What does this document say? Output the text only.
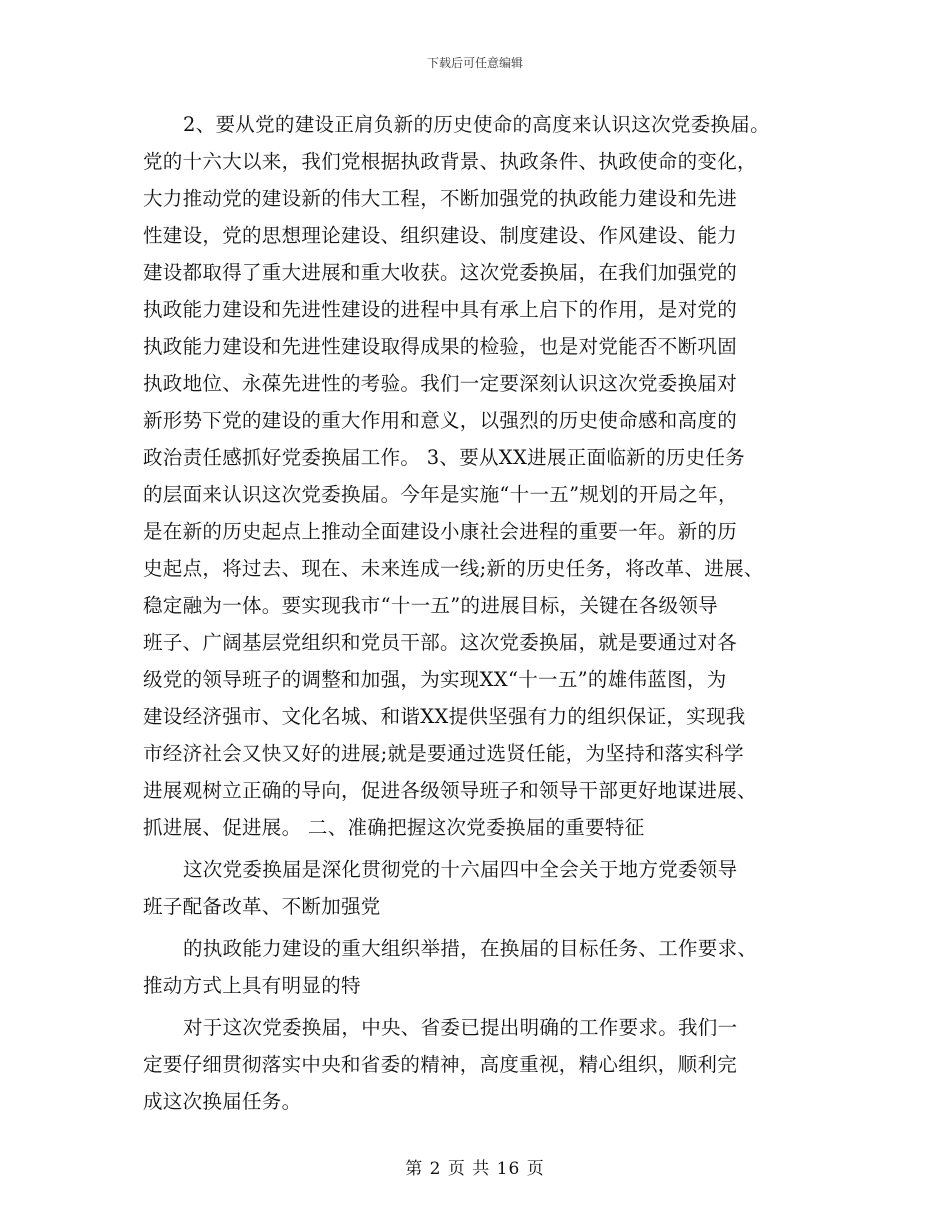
下载后可任意编辑
2、要从党的建设正肩负新的历史使命的高度来认识这次党委换届。
党的十六大以来，我们党根据执政背景、执政条件、执政使命的变化，
大力推动党的建设新的伟大工程，不断加强党的执政能力建设和先进
性建设，党的思想理论建设、组织建设、制度建设、作风建设、能力
建设都取得了重大进展和重大收获。这次党委换届，在我们加强党的
执政能力建设和先进性建设的进程中具有承上启下的作用，是对党的
执政能力建设和先进性建设取得成果的检验，也是对党能否不断巩固
执政地位、永葆先进性的考验。我们一定要深刻认识这次党委换届对
新形势下党的建设的重大作用和意义，以强烈的历史使命感和高度的
政治责任感抓好党委换届工作。 3、要从XX进展正面临新的历史任务
的层面来认识这次党委换届。今年是实施“十一五”规划的开局之年，
是在新的历史起点上推动全面建设小康社会进程的重要一年。新的历
史起点，将过去、现在、未来连成一线;新的历史任务，将改革、进展、
稳定融为一体。要实现我市“十一五”的进展目标，关键在各级领导
班子、广阔基层党组织和党员干部。这次党委换届，就是要通过对各
级党的领导班子的调整和加强，为实现XX“十一五”的雄伟蓝图，为
建设经济强市、文化名城、和谐XX提供坚强有力的组织保证，实现我
市经济社会又快又好的进展;就是要通过选贤任能，为坚持和落实科学
进展观树立正确的导向，促进各级领导班子和领导干部更好地谋进展、
抓进展、促进展。 二、准确把握这次党委换届的重要特征
这次党委换届是深化贯彻党的十六届四中全会关于地方党委领导
班子配备改革、不断加强党
的执政能力建设的重大组织举措，在换届的目标任务、工作要求、
推动方式上具有明显的特
对于这次党委换届，中央、省委已提出明确的工作要求。我们一
定要仔细贯彻落实中央和省委的精神，高度重视，精心组织，顺利完
成这次换届任务。
第 2 页 共 16 页
